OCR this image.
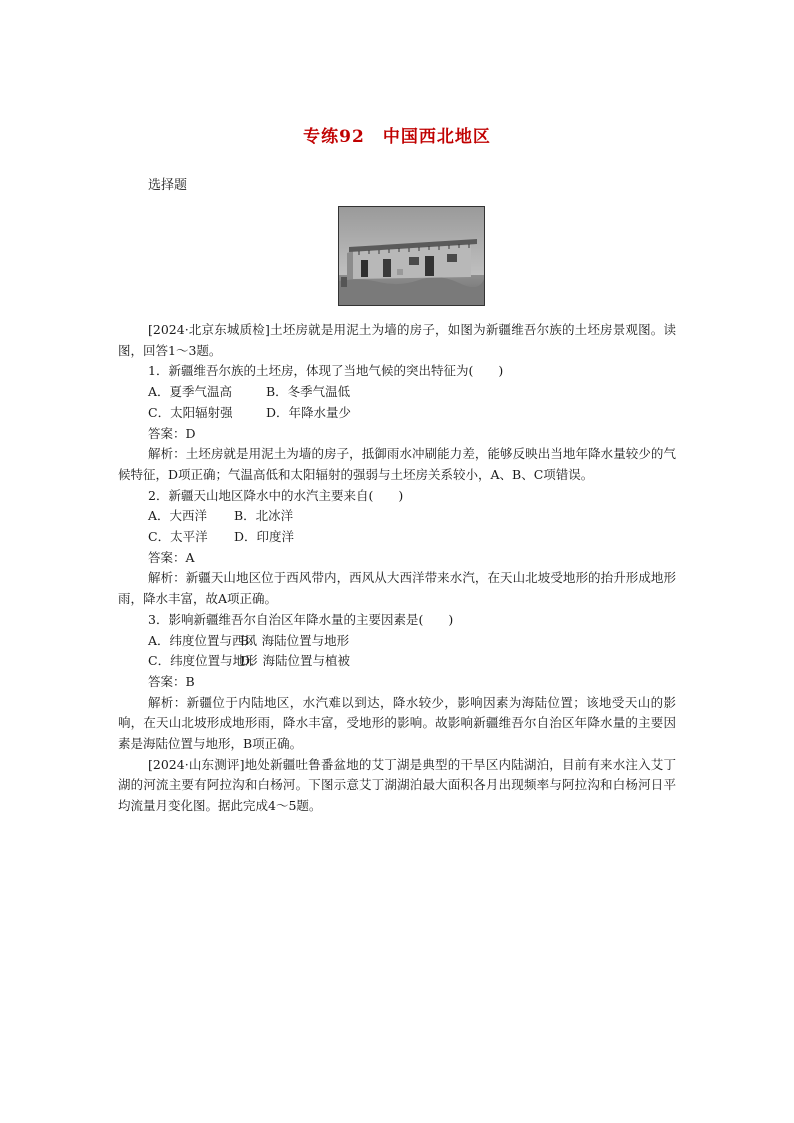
专练92　中国西北地区
选择题

[2024·北京东城质检]土坯房就是用泥土为墙的房子，如图为新疆维吾尔族的土坯房景观图。读图，回答1～3题。

1．新疆维吾尔族的土坯房，体现了当地气候的突出特征为(　　)

A．夏季气温高	B．冬季气温低

C．太阳辐射强	D．年降水量少

答案：D

解析：土坯房就是用泥土为墙的房子，抵御雨水冲刷能力差，能够反映出当地年降水量较少的气候特征，D项正确；气温高低和太阳辐射的强弱与土坯房关系较小，A、B、C项错误。

2．新疆天山地区降水中的水汽主要来自(　　)

A．大西洋 B．北冰洋

C．太平洋 D．印度洋

答案：A

解析：新疆天山地区位于西风带内，西风从大西洋带来水汽，在天山北坡受地形的抬升形成地形雨，降水丰富，故A项正确。

3．影响新疆维吾尔自治区年降水量的主要因素是(　　)

A．纬度位置与西风B．海陆位置与地形

C．纬度位置与地形D．海陆位置与植被

答案：B

解析：新疆位于内陆地区，水汽难以到达，降水较少，影响因素为海陆位置；该地受天山的影响，在天山北坡形成地形雨，降水丰富，受地形的影响。故影响新疆维吾尔自治区年降水量的主要因素是海陆位置与地形，B项正确。

[2024·山东测评]地处新疆吐鲁番盆地的艾丁湖是典型的干旱区内陆湖泊，目前有来水注入艾丁湖的河流主要有阿拉沟和白杨河。下图示意艾丁湖湖泊最大面积各月出现频率与阿拉沟和白杨河日平均流量月变化图。据此完成4～5题。
